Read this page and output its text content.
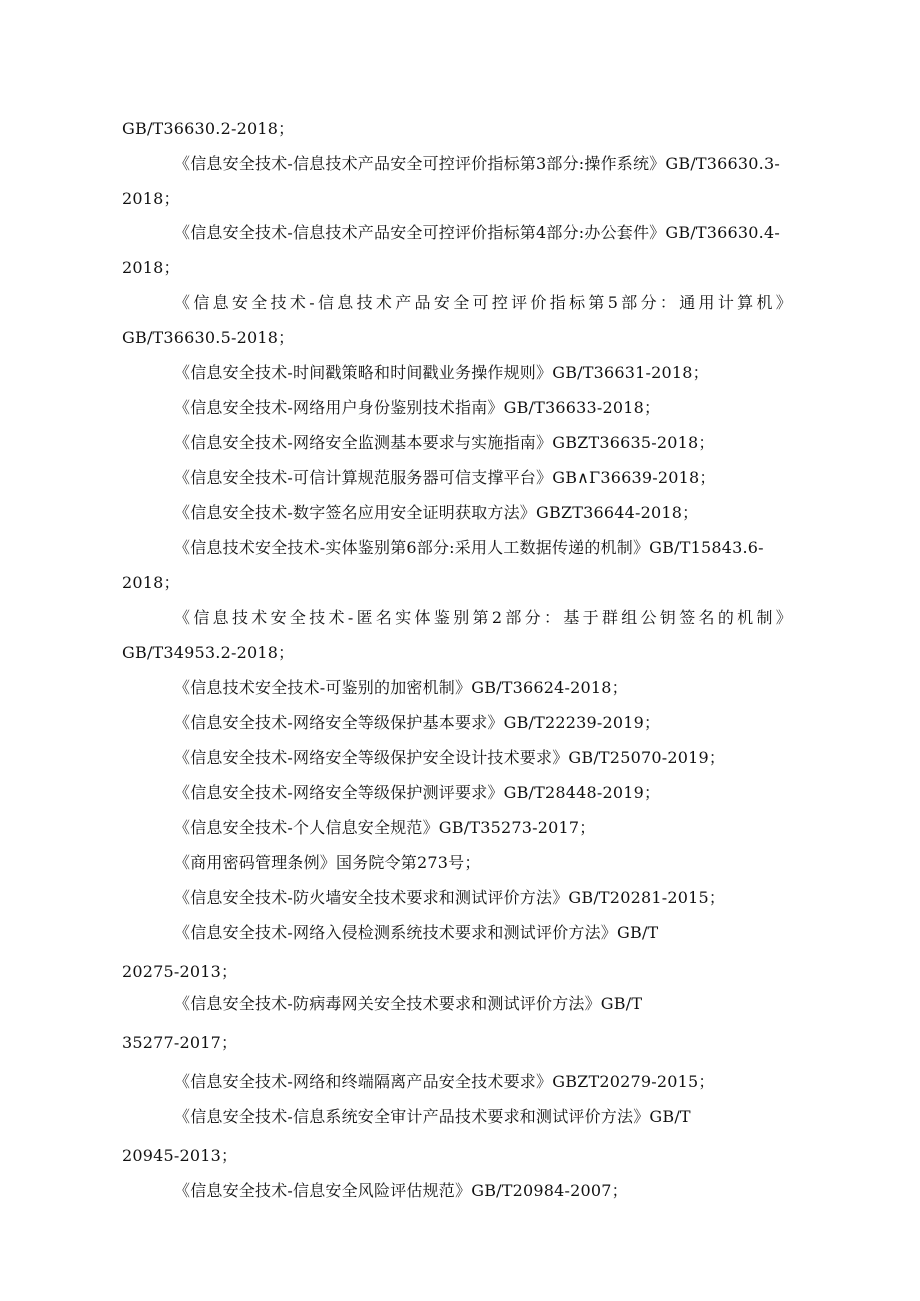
GB/T36630.2-2018；
《信息安全技术-信息技术产品安全可控评价指标第3部分:操作系统》GB/T36630.3-
2018；
《信息安全技术-信息技术产品安全可控评价指标第4部分:办公套件》GB/T36630.4-
2018；
《信息安全技术-信息技术产品安全可控评价指标第5部分：通用计算机》
GB/T36630.5-2018；
《信息安全技术-时间戳策略和时间戳业务操作规则》GB/T36631-2018；
《信息安全技术-网络用户身份鉴别技术指南》GB/T36633-2018；
《信息安全技术-网络安全监测基本要求与实施指南》GBZT36635-2018；
《信息安全技术-可信计算规范服务器可信支撑平台》GB∧Γ36639-2018；
《信息安全技术-数字签名应用安全证明获取方法》GBZT36644-2018；
《信息技术安全技术-实体鉴别第6部分:采用人工数据传递的机制》GB/T15843.6-
2018；
《信息技术安全技术-匿名实体鉴别第2部分：基于群组公钥签名的机制》
GB/T34953.2-2018；
《信息技术安全技术-可鉴别的加密机制》GB/T36624-2018；
《信息安全技术-网络安全等级保护基本要求》GB/T22239-2019；
《信息安全技术-网络安全等级保护安全设计技术要求》GB/T25070-2019；
《信息安全技术-网络安全等级保护测评要求》GB/T28448-2019；
《信息安全技术-个人信息安全规范》GB/T35273-2017；
《商用密码管理条例》国务院令第273号；
《信息安全技术-防火墙安全技术要求和测试评价方法》GB/T20281-2015；
《信息安全技术-网络入侵检测系统技术要求和测试评价方法》GB/T
20275-2013；
《信息安全技术-防病毒网关安全技术要求和测试评价方法》GB/T
35277-2017；
《信息安全技术-网络和终端隔离产品安全技术要求》GBZT20279-2015；
《信息安全技术-信息系统安全审计产品技术要求和测试评价方法》GB/T
20945-2013；
《信息安全技术-信息安全风险评估规范》GB/T20984-2007；
